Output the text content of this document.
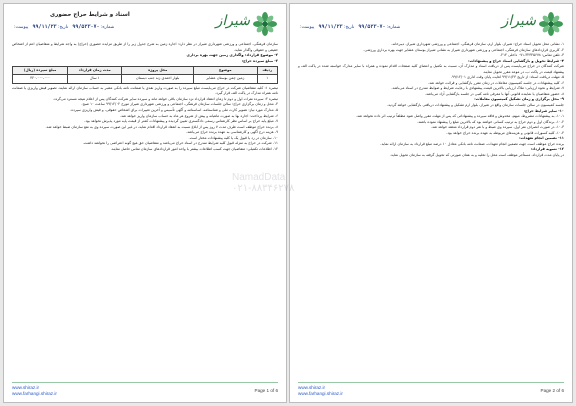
شیراز
اسناد و شرایط حراج حضوری
شماره: ۹۹/۵۲۳۰۷۰   تاریخ: ۹۹/۱۱/۲۳   پیوست:

سازمان فرهنگی، اجتماعی و ورزشی شهرداری شیراز در نظر دارد: اجاره زمین به شرح جدول زیر را از طریق مزایده حضوری (حراج) به واجد شرایط و متقاضیان اعم از اشخاص حقیقی و حقوقی واگذار نماید.

۲- موضوع قرارداد: واگذاری زمین جهت بهره برداری

۳- مبلغ سپرده حراج:

ردیف	موضوع	محل پروژه	مدت زمان قرارداد	مبلغ سپرده (ریال)
۱	زمین چمن بوستان عشاير	بلوار احمدی زند جنب دبستان	۱ سال	۴۲۰،۰۰۰،۰۰۰

تبصره ۱: کلیه متقاضیان شرکت در حراج می‌بایست مبلغ سپرده را به صورت واریز نقدی یا ضمانت نامه بانکی معتبر به حساب سازمان ارائه نمایند. تصویر فیش واریزی یا ضمانت نامه همراه مدارک در پاکت الف قرار گیرد.

تبصره ۲: سپرده نفرات اول و دوم تا زمان انعقاد قرارداد نزد سازمان باقی خواهد ماند و سپرده سایر شرکت کنندگان پس از اعلام نتیجه مسترد می‌گردد.

۴- محل و زمان برگزاری حراج: سالن جلسات سازمان فرهنگی، اجتماعی و ورزشی شهرداری شیراز مورخ ۹۹/۱۲/۰۲ ساعت ۱۰ صبح.

۵- مدارک مورد نیاز: تصویر کارت ملی و شناسنامه، اساسنامه و آگهی تأسیس و آخرین تغییرات برای اشخاص حقوقی، و فیش واریزی سپرده.

۶- شرایط پرداخت: اجاره بها به صورت ماهیانه و پیش از شروع هر ماه به حساب سازمان واریز خواهد شد.

۷- مبلغ پایه حراج بر اساس نظر کارشناس رسمی دادگستری تعیین گردیده و پیشنهادات کمتر از قیمت پایه مورد پذیرش نخواهد بود.

۸- برنده حراج موظف است ظرف مدت ۷ روز پس از ابلاغ نسبت به انعقاد قرارداد اقدام نماید، در غیر این صورت سپرده وی به نفع سازمان ضبط خواهد شد.

۹- هزینه درج آگهی و کارشناسی به عهده برنده حراج می‌باشد.

۱۰- سازمان در رد یا قبول یک یا کلیه پیشنهادات مختار است.

۱۱- شرکت در حراج به منزله قبول کلیه شرایط مندرج در اسناد حراج می‌باشد و متقاضیان حق هیچ گونه اعتراضی را نخواهند داشت.

۱۲- اطلاعات تکمیلی: متقاضیان جهت کسب اطلاعات بیشتر با واحد امور قراردادهای سازمان تماس حاصل نمایند.

www.shiraz.ir
www.farhangi.shiraz.ir
Page 1 of 6
شیراز
شماره: ۹۹/۵۲۳۰۷۰   تاریخ: ۹۹/۱۱/۲۳   پیوست:

۱- نشانی محل تحویل اسناد حراج: شیراز، بلوار ارم، سازمان فرهنگی، اجتماعی و ورزشی شهرداری شیراز، دبیرخانه.

۲- کاربری قراردادهای سازمان فرهنگی، اجتماعی و ورزشی شهرداری شیراز به نشانی شیراز بوستان عشاير جهت بهره برداری ورزشی.

۳- تلفن تماس: ۳۲۳۴۵۶۷۸-۰۷۱ داخلی ۲۱۴.

۴- شرایط تحویل و بازگشایی اسناد حراج و پیشنهادات:

شرکت کنندگان در حراج می‌بایست پس از دریافت اسناد و مدارک آن، نسبت به تکمیل و امضای کلیه صفحات اقدام نموده و همراه با سایر مدارک خواسته شده در پاکت الف و پیشنهاد قیمت در پاکت ب، در موعد مقرر تحویل نمایند.

۵- مهلت دریافت اسناد: از تاریخ ۹۹/۱۱/۲۳ لغایت پایان وقت اداری ۹۹/۱۲/۰۱.

۶- کلیه پیشنهادات در جلسه کمیسیون معاملات در زمان مقرر بازگشایی و قرائت خواهد شد.

۷- شرایط و نحوه ارزیابی: ملاک ارزیابی بالاترین قیمت پیشنهادی با رعایت شرایط و ضوابط مندرج در اسناد می‌باشد.

۸- حضور متقاضیان یا نماینده قانونی آنها با معرفی نامه کتبی در جلسه بازگشایی آزاد می‌باشد.

۹- محل برگزاری و زمان تشکیل کمیسیون معاملات:

جلسه کمیسیون در سالن جلسات سازمان واقع در شیراز، بلوار ارم تشکیل و پیشنهادات دریافتی بازگشایی خواهد گردید.

۱۰- سایر شرایط حراج:

۱۰-۱- به پیشنهادات مشروط، مبهم، مخدوش و فاقد سپرده و پیشنهاداتی که پس از مهلت مقرر واصل شود مطلقاً ترتیب اثر داده نخواهد شد.

۱۰-۲- برندگان اول و دوم حراج به ترتیب کسانی خواهند بود که بالاترین مبلغ را پیشنهاد نموده باشند.

۱۰-۳- در صورت انصراف نفر اول، سپرده وی ضبط و با نفر دوم قرارداد منعقد خواهد شد.

۱۰-۴- کلیه کسورات قانونی و هزینه‌های مربوطه به عهده برنده حراج خواهد بود.

۱۱- تضمین انجام تعهدات:

برنده حراج موظف است جهت تضمین انجام تعهدات، ضمانت نامه بانکی معادل ۱۰ درصد مبلغ قرارداد به سازمان ارائه نماید.

۱۲- تسویه قرارداد:

در پایان مدت قرارداد، مستأجر موظف است محل را تخلیه و به همان صورتی که تحویل گرفته به سازمان تحویل نماید.

www.shiraz.ir
www.farhangi.shiraz.ir
Page 2 of 6
NamadData
۰۲۱-۸۸۳۴۶۲۷۸
